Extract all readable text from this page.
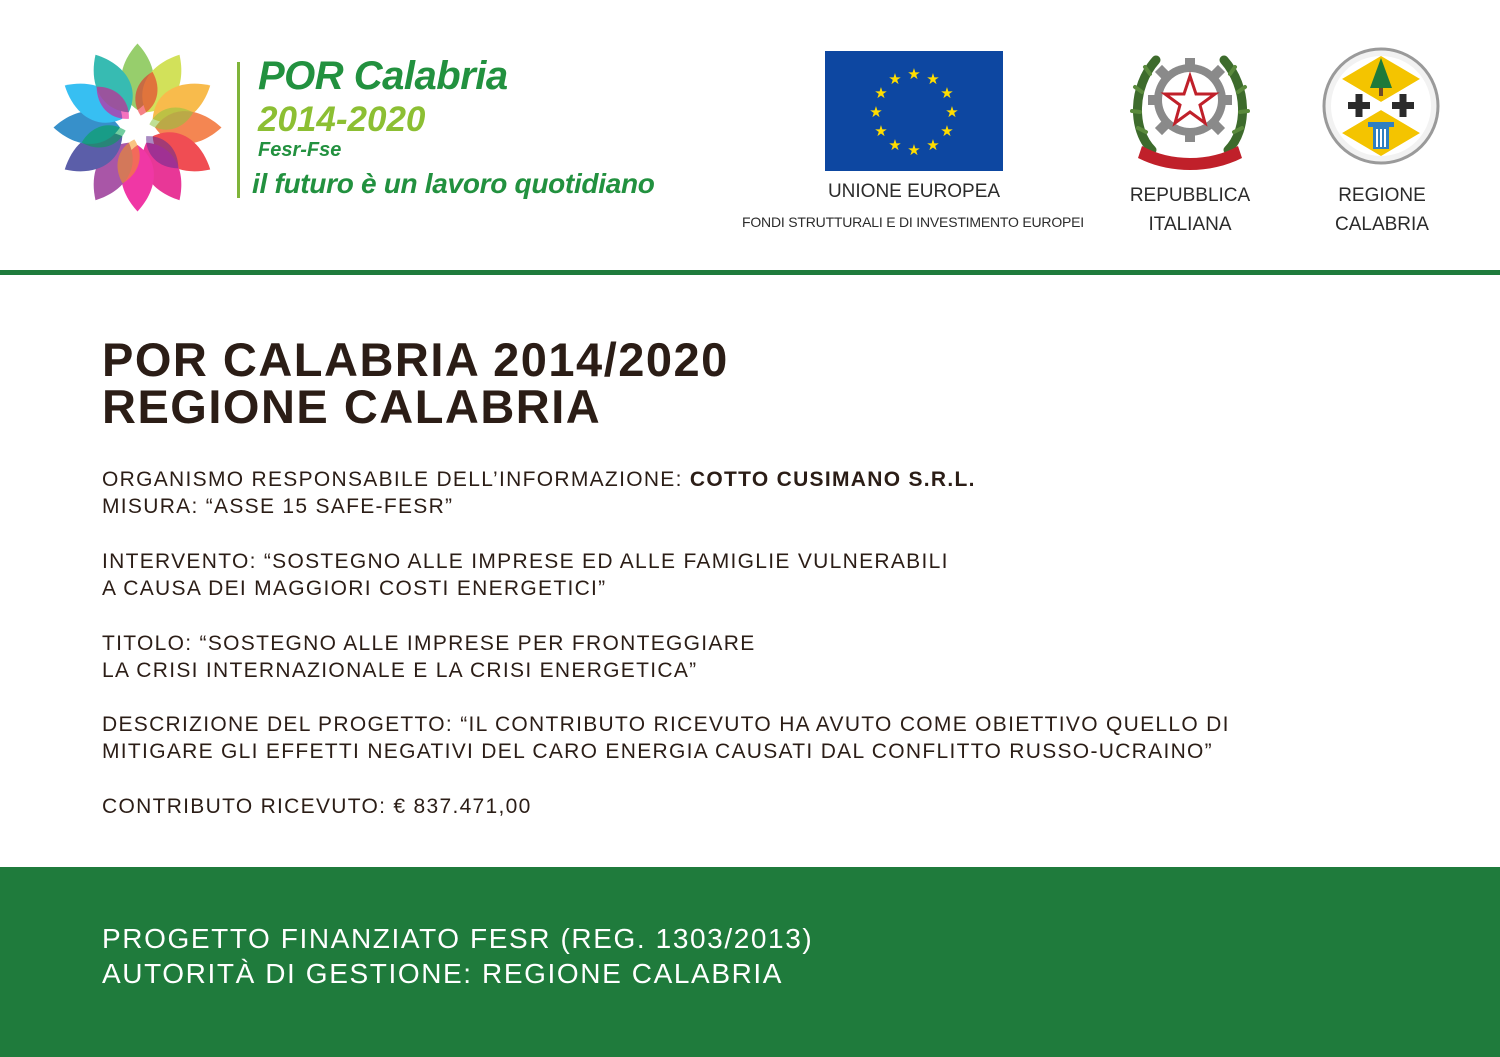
POR Calabria
2014-2020
Fesr-Fse
il futuro è un lavoro quotidiano
★ ★
★
★
★
★
★
★
★
★
★
★
UNIONE EUROPEA
FONDI STRUTTURALI E DI INVESTIMENTO EUROPEI
REPUBBLICA
ITALIANA
REGIONE
CALABRIA
POR CALABRIA 2014/2020
REGIONE CALABRIA
ORGANISMO RESPONSABILE DELL’INFORMAZIONE: COTTO CUSIMANO S.R.L.
MISURA: “ASSE 15 SAFE-FESR”
INTERVENTO: “SOSTEGNO ALLE IMPRESE ED ALLE FAMIGLIE VULNERABILI
A CAUSA DEI MAGGIORI COSTI ENERGETICI”
TITOLO: “SOSTEGNO ALLE IMPRESE PER FRONTEGGIARE
LA CRISI INTERNAZIONALE E LA CRISI ENERGETICA”
DESCRIZIONE DEL PROGETTO: “IL CONTRIBUTO RICEVUTO HA AVUTO COME OBIETTIVO QUELLO DI
MITIGARE GLI EFFETTI NEGATIVI DEL CARO ENERGIA CAUSATI DAL CONFLITTO RUSSO-UCRAINO”
CONTRIBUTO RICEVUTO: € 837.471,00
PROGETTO FINANZIATO FESR (REG. 1303/2013)
AUTORITÀ DI GESTIONE: REGIONE CALABRIA
